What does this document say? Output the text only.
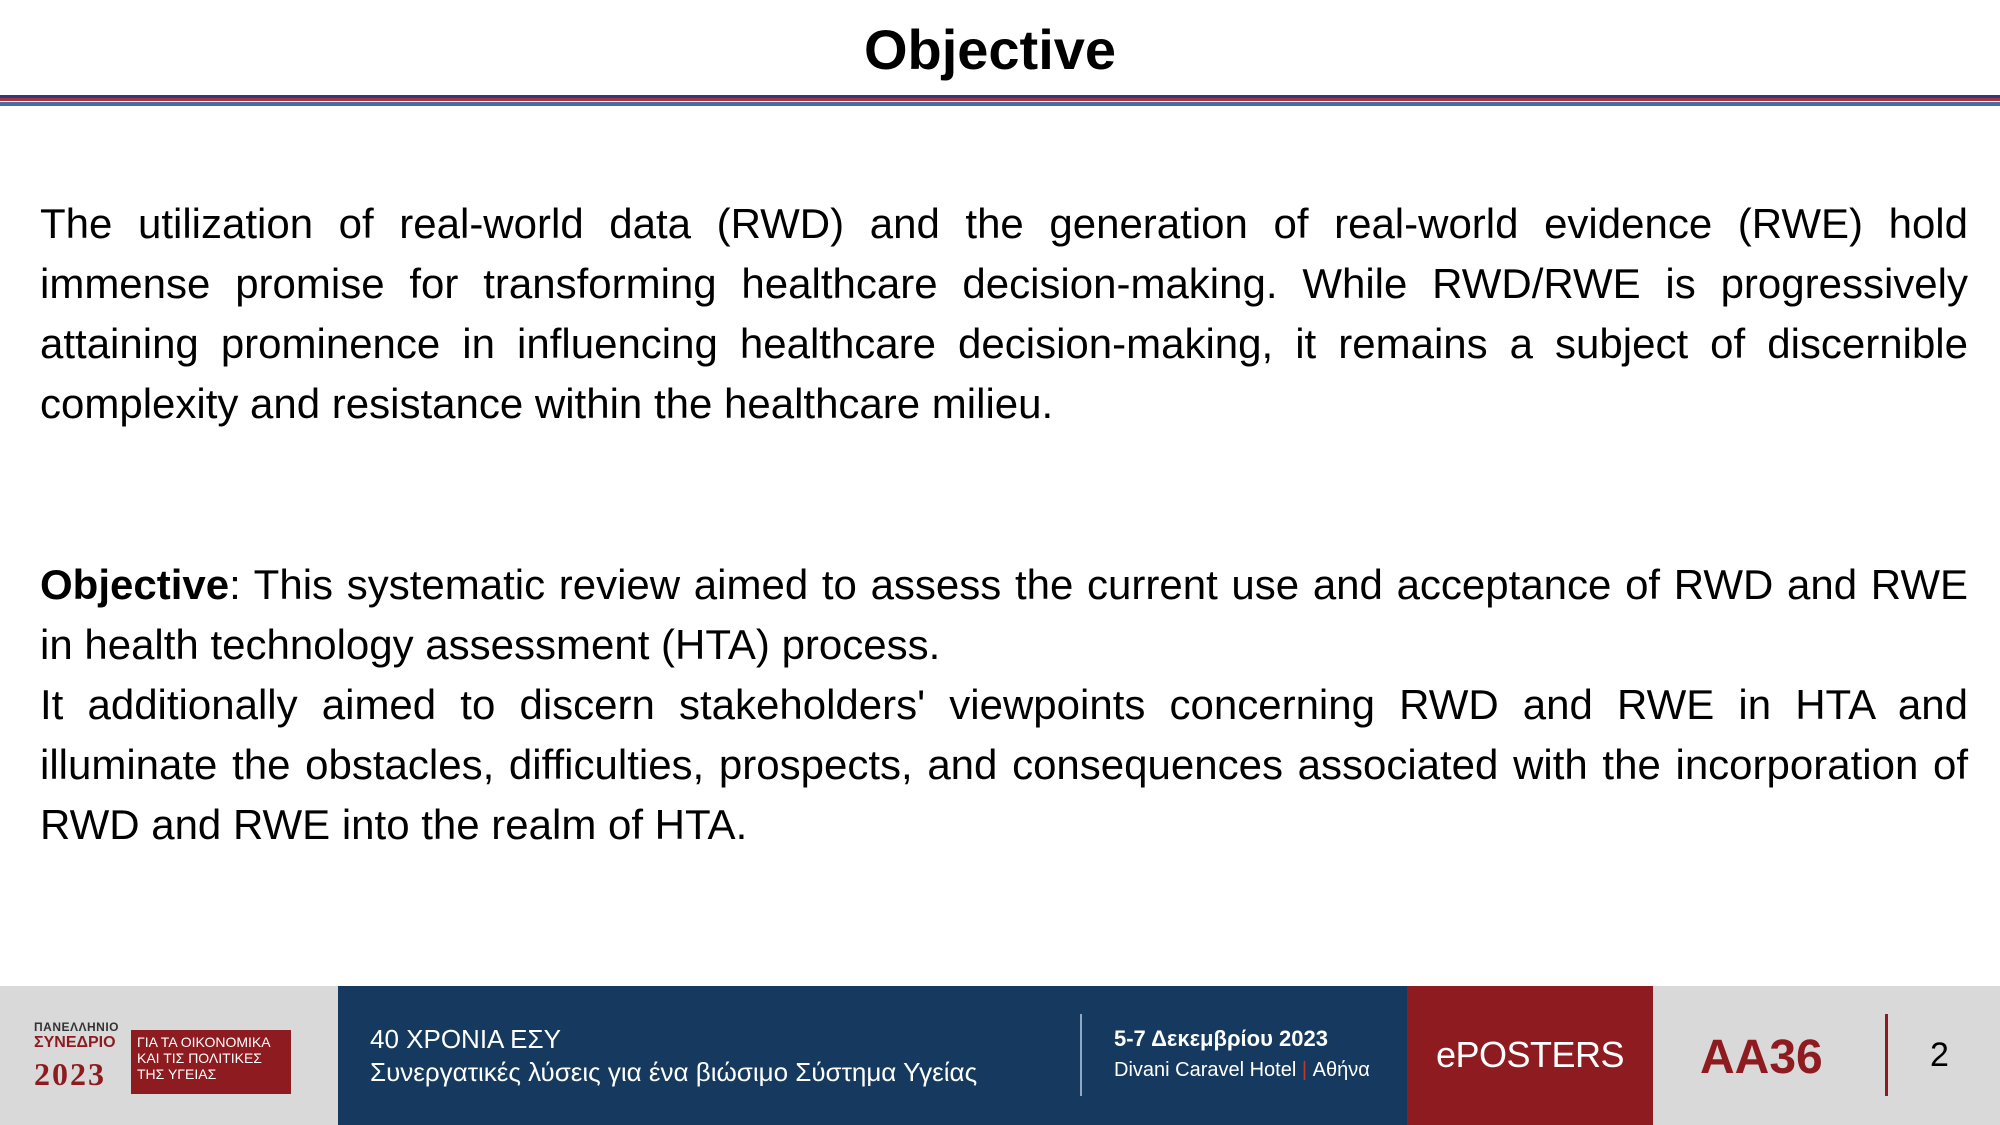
Objective

The utilization of real-world data (RWD) and the generation of real-world evidence (RWE) hold immense promise for transforming healthcare decision-making. While RWD/RWE is progressively attaining prominence in influencing healthcare decision-making, it remains a subject of discernible complexity and resistance within the healthcare milieu.

Objective: This systematic review aimed to assess the current use and acceptance of RWD and RWE in health technology assessment (HTA) process.

It additionally aimed to discern stakeholders' viewpoints concerning RWD and RWE in HTA and illuminate the obstacles, difficulties, prospects, and consequences associated with the incorporation of RWD and RWE into the realm of HTA.

ΠΑΝΕΛΛΗΝΙΟ
ΣΥΝΕΔΡΙΟ
2023
ΓΙΑ ΤΑ ΟΙΚΟΝΟΜΙΚΑ
ΚΑΙ ΤΙΣ ΠΟΛΙΤΙΚΕΣ
ΤΗΣ ΥΓΕΙΑΣ
40 ΧΡΟΝΙΑ ΕΣΥ
Συνεργατικές λύσεις για ένα βιώσιμο Σύστημα Υγείας
5-7 Δεκεμβρίου 2023
Divani Caravel Hotel | Αθήνα	ePOSTERS	AA36	2
